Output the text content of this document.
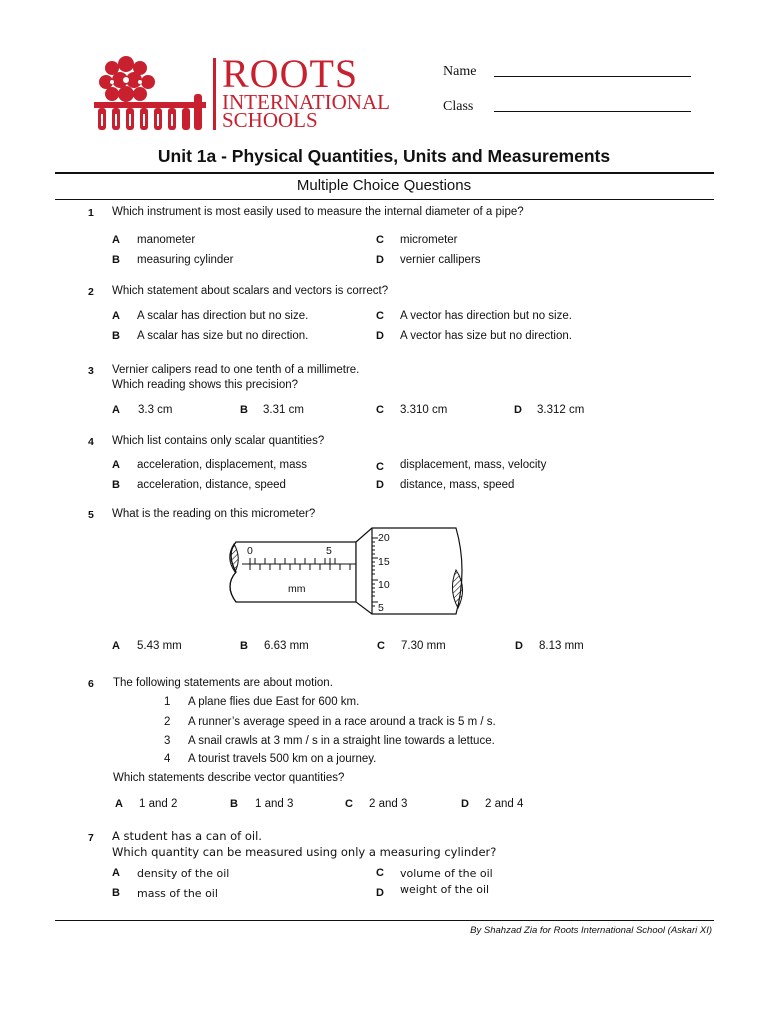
ROOTS
INTERNATIONAL
SCHOOLS
Name
Class
Unit 1a - Physical Quantities, Units and Measurements
Multiple Choice Questions
1 Which instrument is most easily used to measure the internal diameter of a pipe?
A manometer
B measuring cylinder
C micrometer
D vernier callipers
2 Which statement about scalars and vectors is correct?
A A scalar has direction but no size.
B A scalar has size but no direction.
C A vector has direction but no size.
D A vector has size but no direction.
3 Vernier calipers read to one tenth of a millimetre.
Which reading shows this precision?
A 3.3 cm	B 3.31 cm	C 3.310 cm	D 3.312 cm
4 Which list contains only scalar quantities?
A acceleration, displacement, mass
B acceleration, distance, speed
C displacement, mass, velocity
D distance, mass, speed
5 What is the reading on this micrometer?
0	5
mm
20
15
10
5
A 5.43 mm	B 6.63 mm	C 7.30 mm	D 8.13 mm
6 The following statements are about motion.
1 A plane flies due East for 600 km.
2 A runner’s average speed in a race around a track is 5 m / s.
3 A snail crawls at 3 mm / s in a straight line towards a lettuce.
4 A tourist travels 500 km on a journey.
Which statements describe vector quantities?
A 1 and 2	B 1 and 3	C 2 and 3	D 2 and 4
7 A student has a can of oil.
Which quantity can be measured using only a measuring cylinder?
A density of the oil
B mass of the oil
C volume of the oil
D weight of the oil
By Shahzad Zia for Roots International School (Askari XI)
